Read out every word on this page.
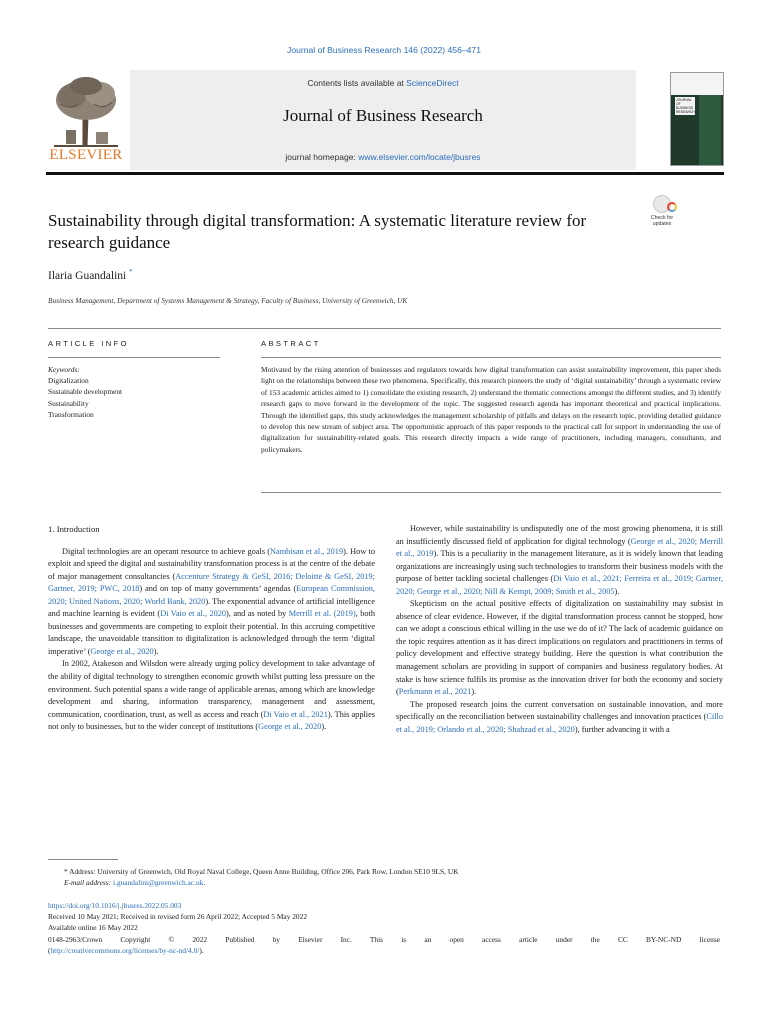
Journal of Business Research 146 (2022) 456–471
ELSEVIER
Contents lists available at ScienceDirect
Journal of Business Research
journal homepage: www.elsevier.com/locate/jbusres
JOURNAL OF BUSINESS RESEARCH
Sustainability through digital transformation: A systematic literature review for research guidance
Check for updates
Ilaria Guandalini *
Business Management, Department of Systems Management & Strategy, Faculty of Business, University of Greenwich, UK
ARTICLE INFO	ABSTRACT
Keywords:
Digitalization
Sustainable development
Sustainability
Transformation
Motivated by the rising attention of businesses and regulators towards how digital transformation can assist sustainability improvement, this paper sheds light on the relationships between these two phenomena. Specifically, this research pioneers the study of ‘digital sustainability’ through a systematic review of 153 academic articles aimed to 1) consolidate the existing research, 2) understand the thematic connections amongst the different studies, and 3) identify research gaps to move forward in the development of the topic. The suggested research agenda has important theoretical and practical implications. Through the identified gaps, this study acknowledges the management scholarship of pitfalls and delays on the research topic, providing detailed guidance to develop this new stream of subject area. The opportunistic approach of this paper responds to the practical call for support in understanding the use of digitalization for sustainability-related goals. This research directly impacts a wide range of practitioners, including managers, consultants, and policymakers.
1. Introduction
Digital technologies are an operant resource to achieve goals (Nambisan et al., 2019). How to exploit and speed the digital and sustainability transformation process is at the centre of the debate of major management consultancies (Accenture Strategy & GeSI, 2016; Deloitte & GeSI, 2019; Gartner, 2019; PWC, 2018) and on top of many governments’ agendas (European Commission, 2020; United Nations, 2020; World Bank, 2020). The exponential advance of artificial intelligence and machine learning is evident (Di Vaio et al., 2020), and as noted by Merrill et al. (2019), both businesses and governments are competing to exploit their potential. In this accruing competitive landscape, the unavoidable transition to digitalization is acknowledged through the term ‘digital imperative’ (George et al., 2020).
In 2002, Atakeson and Wilsdon were already urging policy development to take advantage of the ability of digital technology to strengthen economic growth whilst putting less pressure on the environment. Such potential spans a wide range of applicable arenas, among which are knowledge development and sharing, information transparency, management and assessment, communication, coordination, trust, as well as access and reach (Di Vaio et al., 2021). This applies not only to businesses, but to the wider concept of institutions (George et al., 2020).
However, while sustainability is undisputedly one of the most growing phenomena, it is still an insufficiently discussed field of application for digital technology (George et al., 2020; Merrill et al., 2019). This is a peculiarity in the management literature, as it is widely known that leading organizations are increasingly using such technologies to transform their business models with the purpose of better tackling societal challenges (Di Vaio et al., 2021; Ferreira et al., 2019; Gartner, 2020; George et al., 2020; Nill & Kempt, 2009; Smith et al., 2005).
Skepticism on the actual positive effects of digitalization on sustainability may subsist in absence of clear evidence. However, if the digital transformation process cannot be stopped, how can we adopt a conscious ethical willing in the use we do of it? The lack of academic guidance on the topic requires attention as it has direct implications on regulators and practitioners in terms of policy development and effective strategy building. Here the question is what contribution the management scholars are providing in support of companies and business regulatory bodies. At stake is how science fulfils its promise as the innovation driver for both the economy and society (Perkmann et al., 2021).
The proposed research joins the current conversation on sustainable innovation, and more specifically on the reconciliation between sustainability challenges and innovation practices (Cillo et al., 2019; Orlando et al., 2020; Shahzad et al., 2020), further advancing it with a
* Address: University of Greenwich, Old Royal Naval College, Queen Anne Building, Office 206, Park Row, London SE10 9LS, UK
E-mail address: i.guandalini@greenwich.ac.uk.
https://doi.org/10.1016/j.jbusres.2022.05.003
Received 10 May 2021; Received in revised form 26 April 2022; Accepted 5 May 2022
Available online 16 May 2022
0148-2963/Crown Copyright © 2022 Published by Elsevier Inc. This is an open access article under the CC BY-NC-ND license
(http://creativecommons.org/licenses/by-nc-nd/4.0/).
